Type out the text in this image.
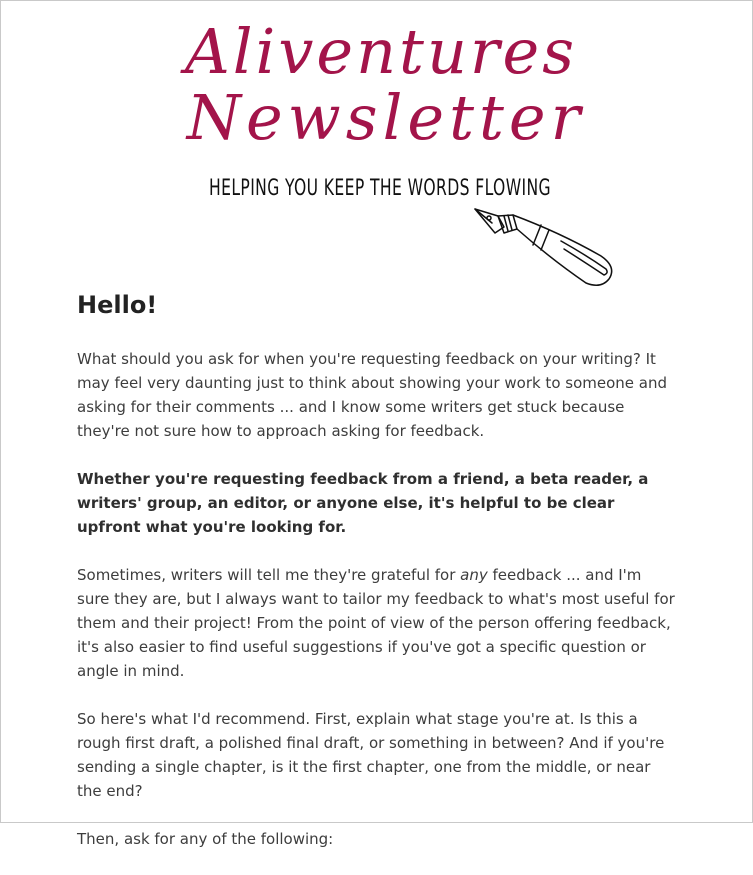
Aliventures
Newsletter
HELPING YOU KEEP THE WORDS FLOWING
Hello!

What should you ask for when you're requesting feedback on your writing? It may feel very daunting just to think about showing your work to someone and asking for their comments ... and I know some writers get stuck because they're not sure how to approach asking for feedback.

Whether you're requesting feedback from a friend, a beta reader, a writers' group, an editor, or anyone else, it's helpful to be clear upfront what you're looking for.

Sometimes, writers will tell me they're grateful for any feedback ... and I'm sure they are, but I always want to tailor my feedback to what's most useful for them and their project! From the point of view of the person offering feedback, it's also easier to find useful suggestions if you've got a specific question or angle in mind.

So here's what I'd recommend. First, explain what stage you're at. Is this a rough first draft, a polished final draft, or something in between? And if you're sending a single chapter, is it the first chapter, one from the middle, or near the end?

Then, ask for any of the following:
